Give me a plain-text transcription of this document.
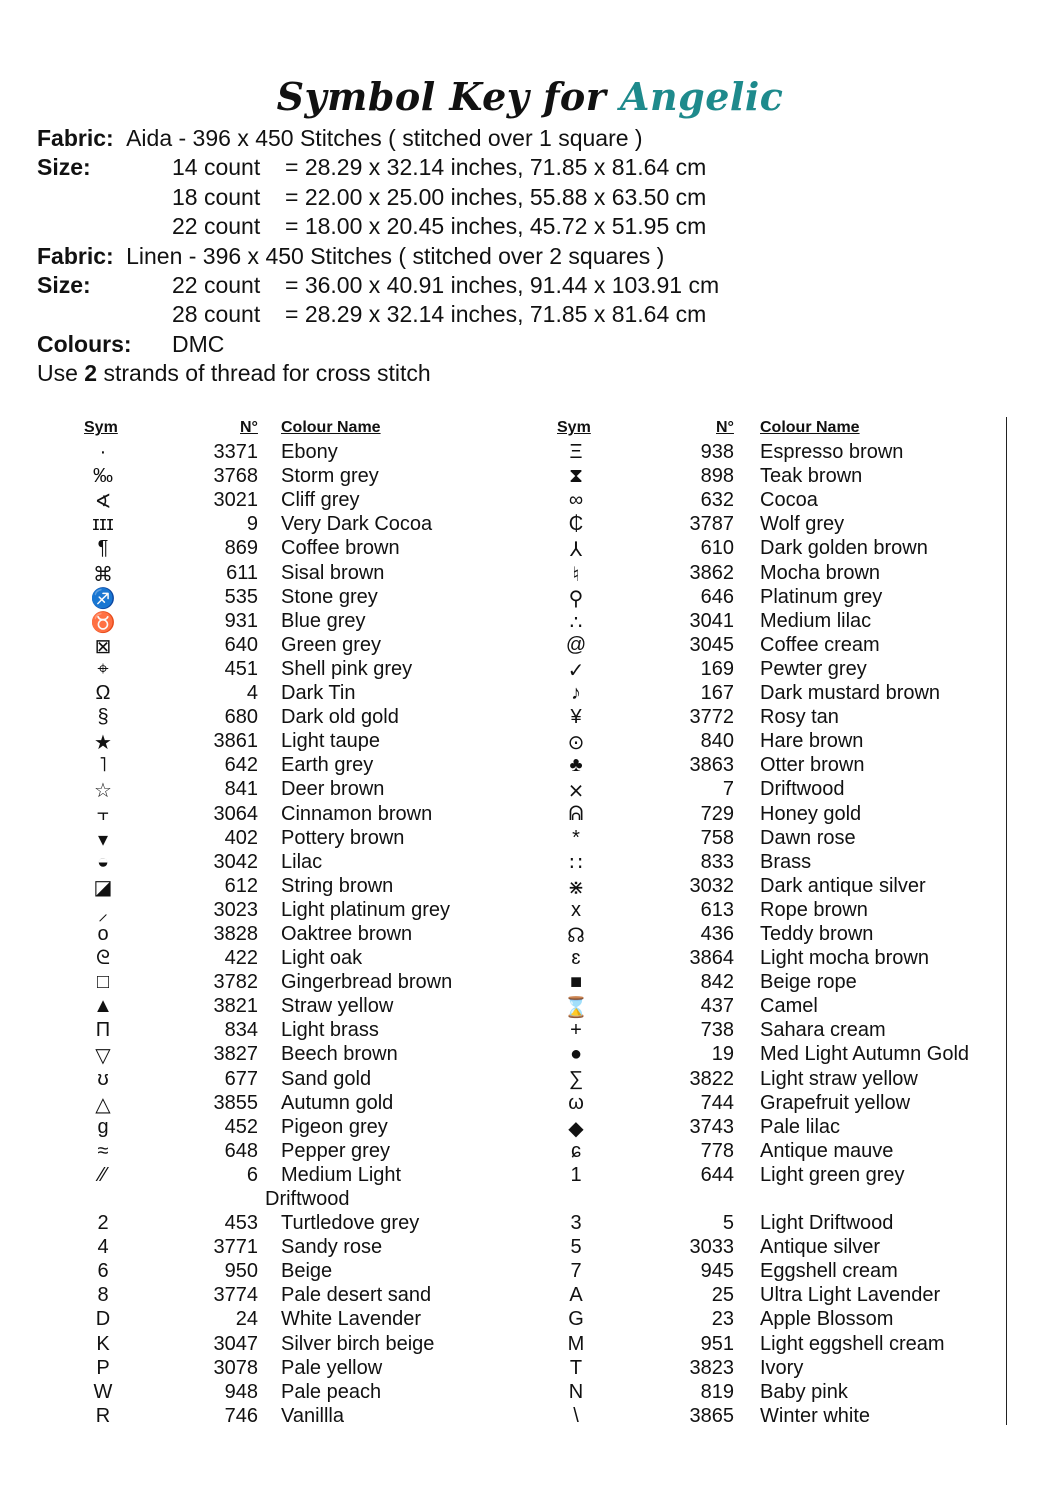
Symbol Key for Angelic
Fabric: Aida - 396 x 450 Stitches ( stitched over 1 square )
Size:	14 count = 28.29 x 32.14 inches, 71.85 x 81.64 cm
18 count = 22.00 x 25.00 inches, 55.88 x 63.50 cm
22 count = 18.00 x 20.45 inches, 45.72 x 51.95 cm
Fabric: Linen - 396 x 450 Stitches ( stitched over 2 squares )
Size:	22 count = 36.00 x 40.91 inches, 91.44 x 103.91 cm
28 count = 28.29 x 32.14 inches, 71.85 x 81.64 cm
Colours: DMC
Use 2 strands of thread for cross stitch
Sym	N° Colour Name
·	3371 Ebony
‰	3768 Storm grey
∢	3021 Cliff grey
ɪɪɪ	9 Very Dark Cocoa
¶	869 Coffee brown
⌘	611 Sisal brown
♐	535 Stone grey
♉	931 Blue grey
⊠	640 Green grey
⌖	451 Shell pink grey
Ω	4 Dark Tin
§	680 Dark old gold
★	3861 Light taupe
˥	642 Earth grey
☆	841 Deer brown
⫟	3064 Cinnamon brown
▾	402 Pottery brown
◒	3042 Lilac
◪	612 String brown
⸝	3023 Light platinum grey
o	3828 Oaktree brown
ᘓ	422 Light oak
□	3782 Gingerbread brown
▲	3821 Straw yellow
Π	834 Light brass
▽	3827 Beech brown
ʊ	677 Sand gold
△	3855 Autumn gold
g	452 Pigeon grey
≈	648 Pepper grey
⁄⁄	6 Medium Light
Driftwood
2	453 Turtledove grey
4	3771 Sandy rose
6	950 Beige
8	3774 Pale desert sand
D	24 White Lavender
K	3047 Silver birch beige
P	3078 Pale yellow
W	948 Pale peach
R	746 Vanillla
Sym	N° Colour Name
Ξ	938 Espresso brown
⧗	898 Teak brown
∞	632 Cocoa
₵	3787 Wolf grey
⅄	610 Dark golden brown
♮	3862 Mocha brown
⚲	646 Platinum grey
∴	3041 Medium lilac
@	3045 Coffee cream
✓	169 Pewter grey
♪	167 Dark mustard brown
¥	3772 Rosy tan
⊙	840 Hare brown
♣	3863 Otter brown
⨯	7 Driftwood
ᕱ	729 Honey gold
*	758 Dawn rose
∷	833 Brass
⋇	3032 Dark antique silver
x	613 Rope brown
☊	436 Teddy brown
ɛ	3864 Light mocha brown
■	842 Beige rope
⌛	437 Camel
+	738 Sahara cream
●	19 Med Light Autumn Gold
∑	3822 Light straw yellow
ω	744 Grapefruit yellow
◆	3743 Pale lilac
ɕ	778 Antique mauve
1	644 Light green grey
3	5 Light Driftwood
5	3033 Antique silver
7	945 Eggshell cream
A	25 Ultra Light Lavender
G	23 Apple Blossom
M	951 Light eggshell cream
T	3823 Ivory
N	819 Baby pink
\	3865 Winter white
